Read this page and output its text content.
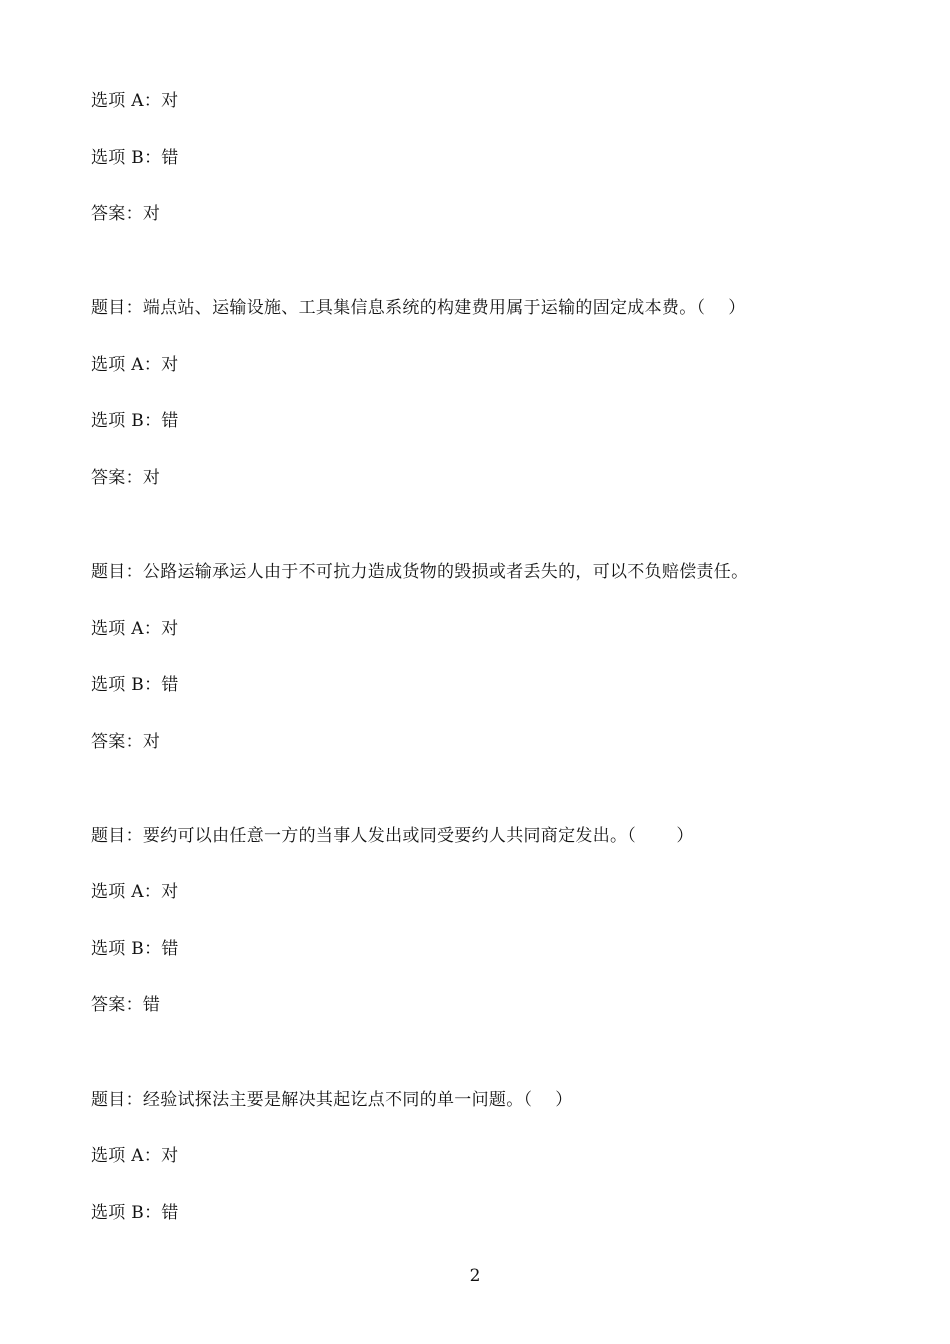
选项 A：对
选项 B：错
答案：对
题目：端点站、运输设施、工具集信息系统的构建费用属于运输的固定成本费。（　 ）
选项 A：对
选项 B：错
答案：对
题目：公路运输承运人由于不可抗力造成货物的毁损或者丢失的，可以不负赔偿责任。
选项 A：对
选项 B：错
答案：对
题目：要约可以由任意一方的当事人发出或同受要约人共同商定发出。（　　 ）
选项 A：对
选项 B：错
答案：错
题目：经验试探法主要是解决其起讫点不同的单一问题。（　 ）
选项 A：对
选项 B：错
2
